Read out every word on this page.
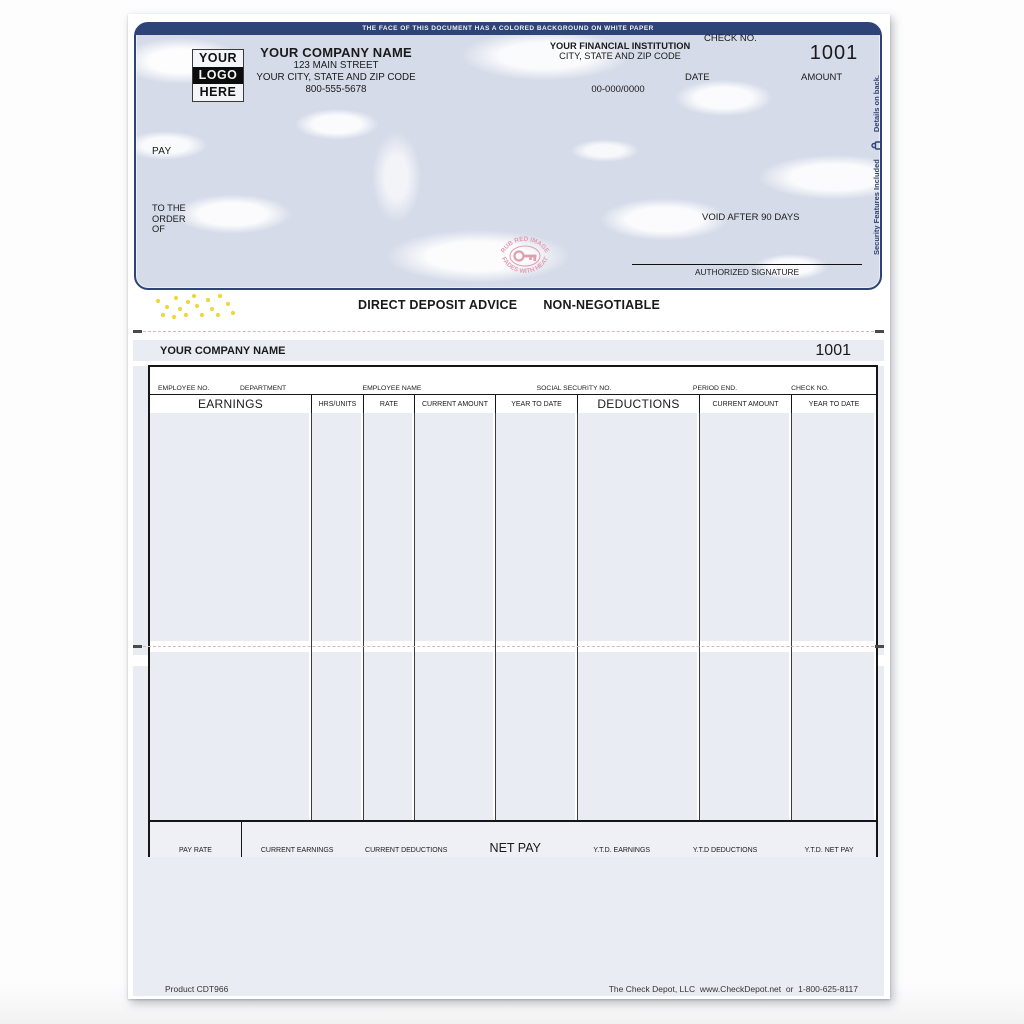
THE FACE OF THIS DOCUMENT HAS A COLORED BACKGROUND ON WHITE PAPER
YOUR
LOGO
HERE
YOUR COMPANY NAME
123 MAIN STREET
YOUR CITY, STATE AND ZIP CODE
800-555-5678
YOUR FINANCIAL INSTITUTION
CITY, STATE AND ZIP CODE
00-000/0000
CHECK NO.
1001
DATE	AMOUNT
PAY
TO THE
ORDER
OF
VOID AFTER 90 DAYS
AUTHORIZED SIGNATURE
RUB RED IMAGE
FADES WITH HEAT
Security Features Included
Details on back.
DIRECT DEPOSIT ADVICE NON-NEGOTIABLE
YOUR COMPANY NAME	1001
EMPLOYEE NO.	DEPARTMENT	EMPLOYEE NAME	SOCIAL SECURITY NO.	PERIOD END.	CHECK NO.
EARNINGS	HRS/UNITS	RATE	CURRENT AMOUNT	YEAR TO DATE	DEDUCTIONS	CURRENT AMOUNT	YEAR TO DATE
PAY RATE	CURRENT EARNINGS	CURRENT DEDUCTIONS	NET PAY	Y.T.D. EARNINGS	Y.T.D DEDUCTIONS	Y.T.D. NET PAY
Product CDT966	The Check Depot, LLC  www.CheckDepot.net  or  1-800-625-8117
